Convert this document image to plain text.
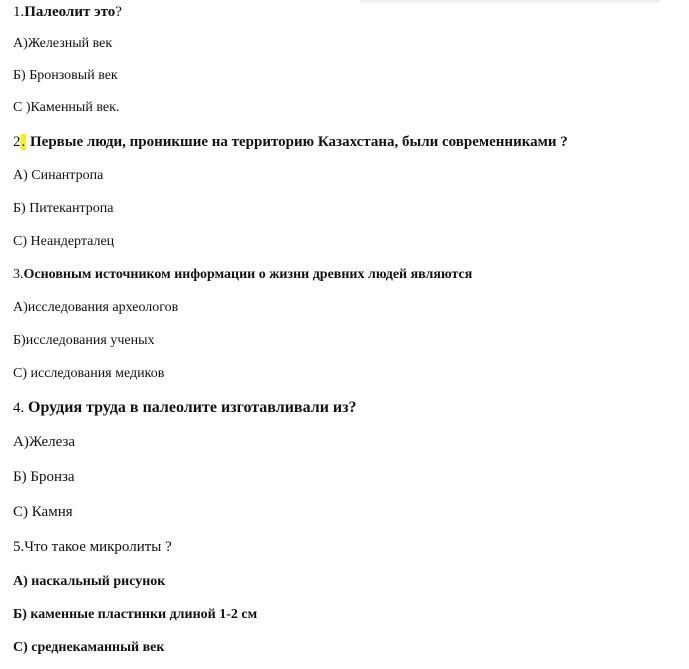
1.Палеолит это?
А)Железный век
Б) Бронзовый век
С )Каменный век.
2. Первые люди, проникшие на территорию Казахстана, были современниками ?
А) Синантропа
Б) Питекантропа
С) Неандерталец
3.Основным источником информации о жизни древних людей являются
А)исследования археологов
Б)исследования ученых
С) исследования медиков
4. Орудия труда в палеолите изготавливали из?
А)Железа
Б) Бронза
С) Камня
5.Что такое микролиты ?
А) наскальный рисунок
Б) каменные пластинки длиной 1-2 см
С) среднекаманный век
